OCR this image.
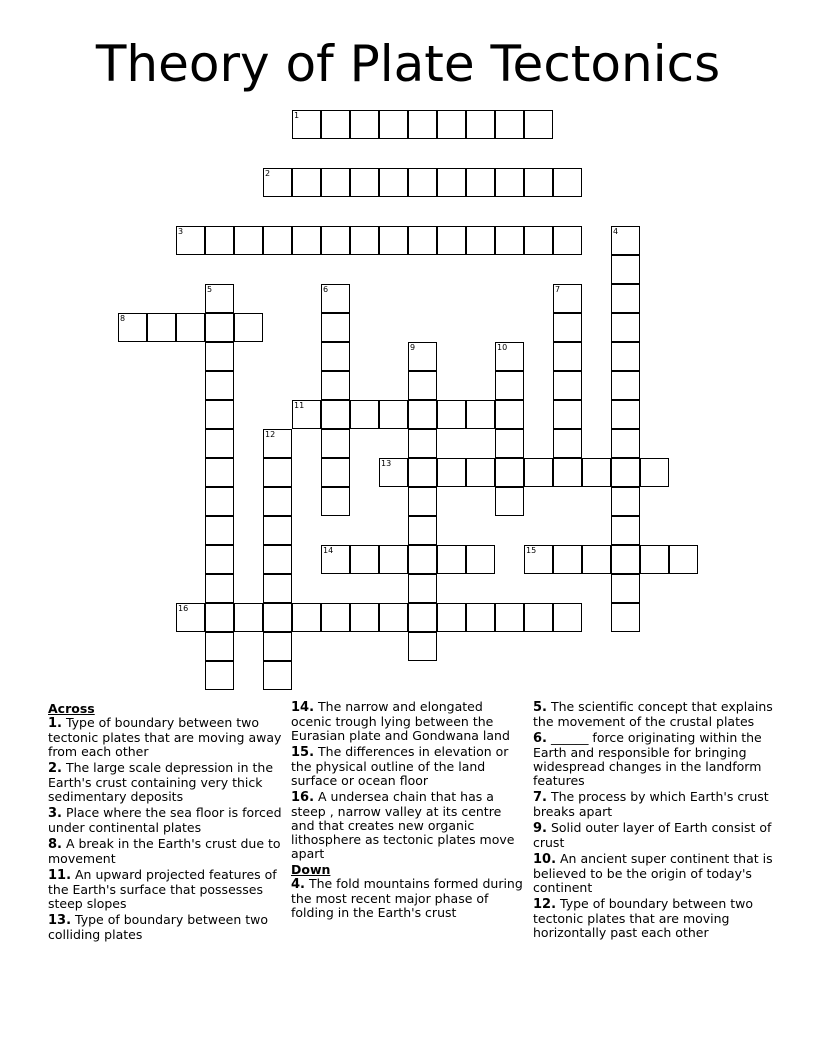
Theory of Plate Tectonics
1
2
3	4
5	6	7
8
9	10
11
12
13
14	15
16
Across
1. Type of boundary between two tectonic plates that are moving away from each other
2. The large scale depression in the Earth's crust containing very thick sedimentary deposits
3. Place where the sea floor is forced under continental plates
8. A break in the Earth's crust due to movement
11. An upward projected features of the Earth's surface that possesses steep slopes
13. Type of boundary between two colliding plates
14. The narrow and elongated ocenic trough lying between the Eurasian plate and Gondwana land
15. The differences in elevation or the physical outline of the land surface or ocean floor
16. A undersea chain that has a steep , narrow valley at its centre and that creates new organic lithosphere as tectonic plates move apart
Down
4. The fold mountains formed during the most recent major phase of folding in the Earth's crust
5. The scientific concept that explains the movement of the crustal plates
6. ______ force originating within the Earth and responsible for bringing widespread changes in the landform features
7. The process by which Earth's crust breaks apart
9. Solid outer layer of Earth consist of crust
10. An ancient super continent that is believed to be the origin of today's continent
12. Type of boundary between two tectonic plates that are moving horizontally past each other
